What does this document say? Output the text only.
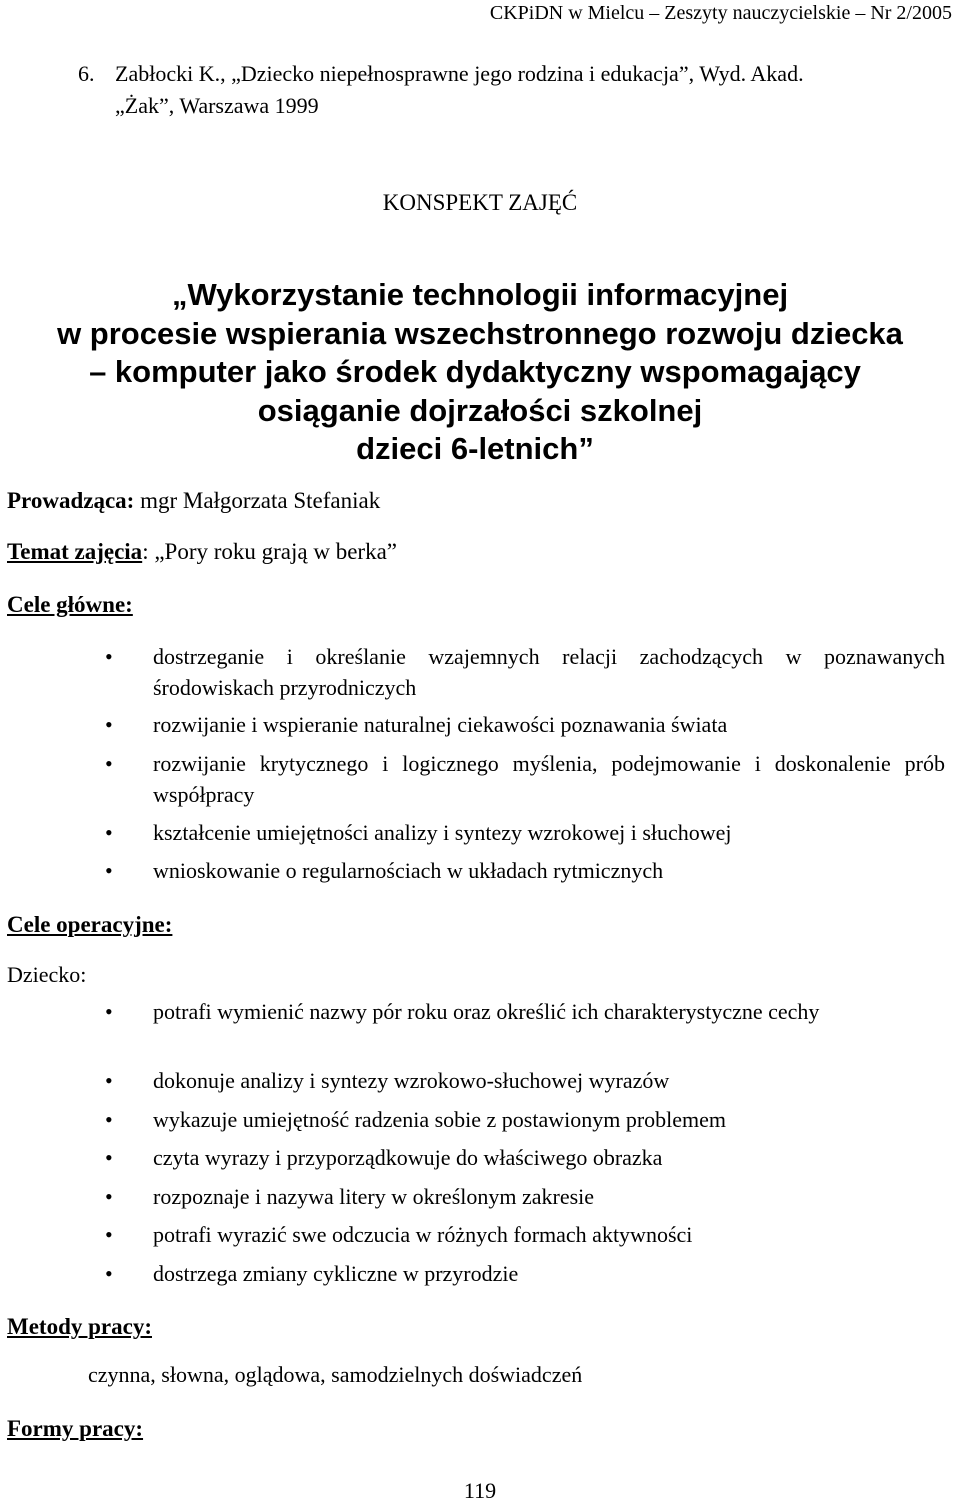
CKPiDN w Mielcu – Zeszyty nauczycielskie – Nr 2/2005
6. Zabłocki K., „Dziecko niepełnosprawne jego rodzina i edukacja”, Wyd. Akad.
„Żak”, Warszawa 1999
KONSPEKT ZAJĘĆ
„Wykorzystanie technologii informacyjnej
w procesie wspierania wszechstronnego rozwoju dziecka
– komputer jako środek dydaktyczny wspomagający
osiąganie dojrzałości szkolnej
dzieci 6-letnich”
Prowadząca: mgr Małgorzata Stefaniak
Temat zajęcia: „Pory roku grają w berka”
Cele główne:
• dostrzeganie i określanie wzajemnych relacji zachodzących w poznawanych środowiskach przyrodniczych
• rozwijanie i wspieranie naturalnej ciekawości poznawania świata
• rozwijanie krytycznego i logicznego myślenia, podejmowanie i doskonalenie prób współpracy
• kształcenie umiejętności analizy i syntezy wzrokowej i słuchowej
• wnioskowanie o regularnościach w układach rytmicznych
Cele operacyjne:
Dziecko:
• potrafi wymienić nazwy pór roku oraz określić ich charakterystyczne cechy
• dokonuje analizy i syntezy wzrokowo-słuchowej wyrazów
• wykazuje umiejętność radzenia sobie z postawionym problemem
• czyta wyrazy i przyporządkowuje do właściwego obrazka
• rozpoznaje i nazywa litery w określonym zakresie
• potrafi wyrazić swe odczucia w różnych formach aktywności
• dostrzega zmiany cykliczne w przyrodzie
Metody pracy:
czynna, słowna, oglądowa, samodzielnych doświadczeń
Formy pracy:
119
